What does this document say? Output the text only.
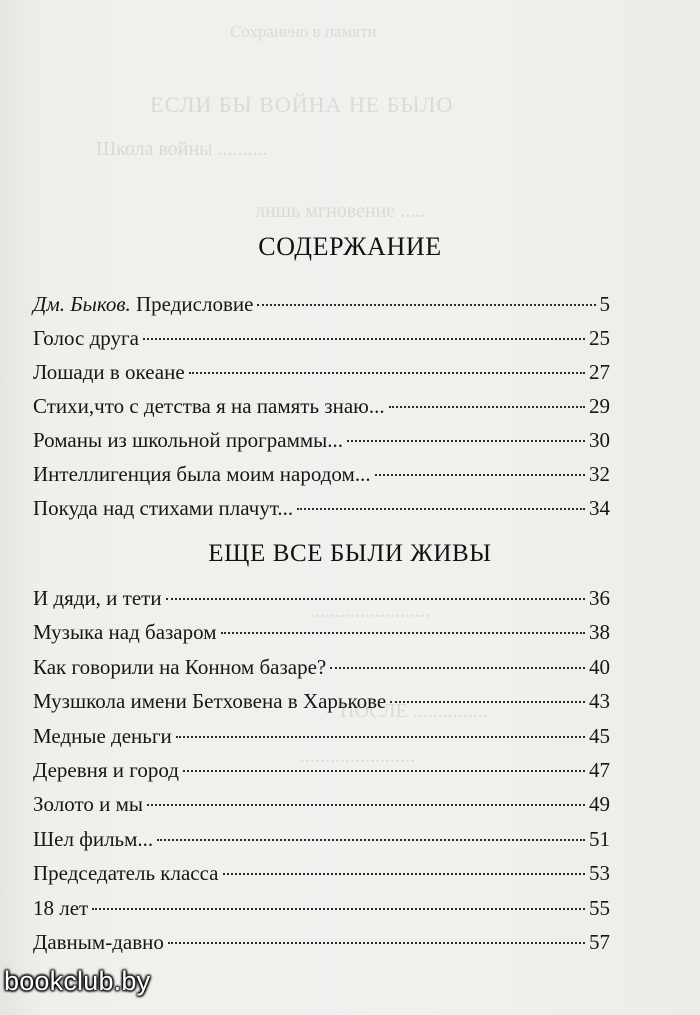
Сохранено в памяти
ЕСЛИ БЫ ВОЙНА НЕ БЫЛО
Школа войны ..........
лишь мгновение .....
........................
.......................
ПОСЛЕ ...............
СОДЕРЖАНИЕ
Дм. Быков. Предисловие	5
Голос друга	25
Лошади в океане	27
Стихи,что с детства я на память знаю...	29
Романы из школьной программы...	30
Интеллигенция была моим народом...	32
Покуда над стихами плачут...	34
ЕЩЕ ВСЕ БЫЛИ ЖИВЫ
И дяди, и тети	36
Музыка над базаром	38
Как говорили на Конном базаре?	40
Музшкола имени Бетховена в Харькове	43
Медные деньги	45
Деревня и город	47
Золото и мы	49
Шел фильм...	51
Председатель класса	53
18 лет	55
Давным-давно	57
bookclub.by
